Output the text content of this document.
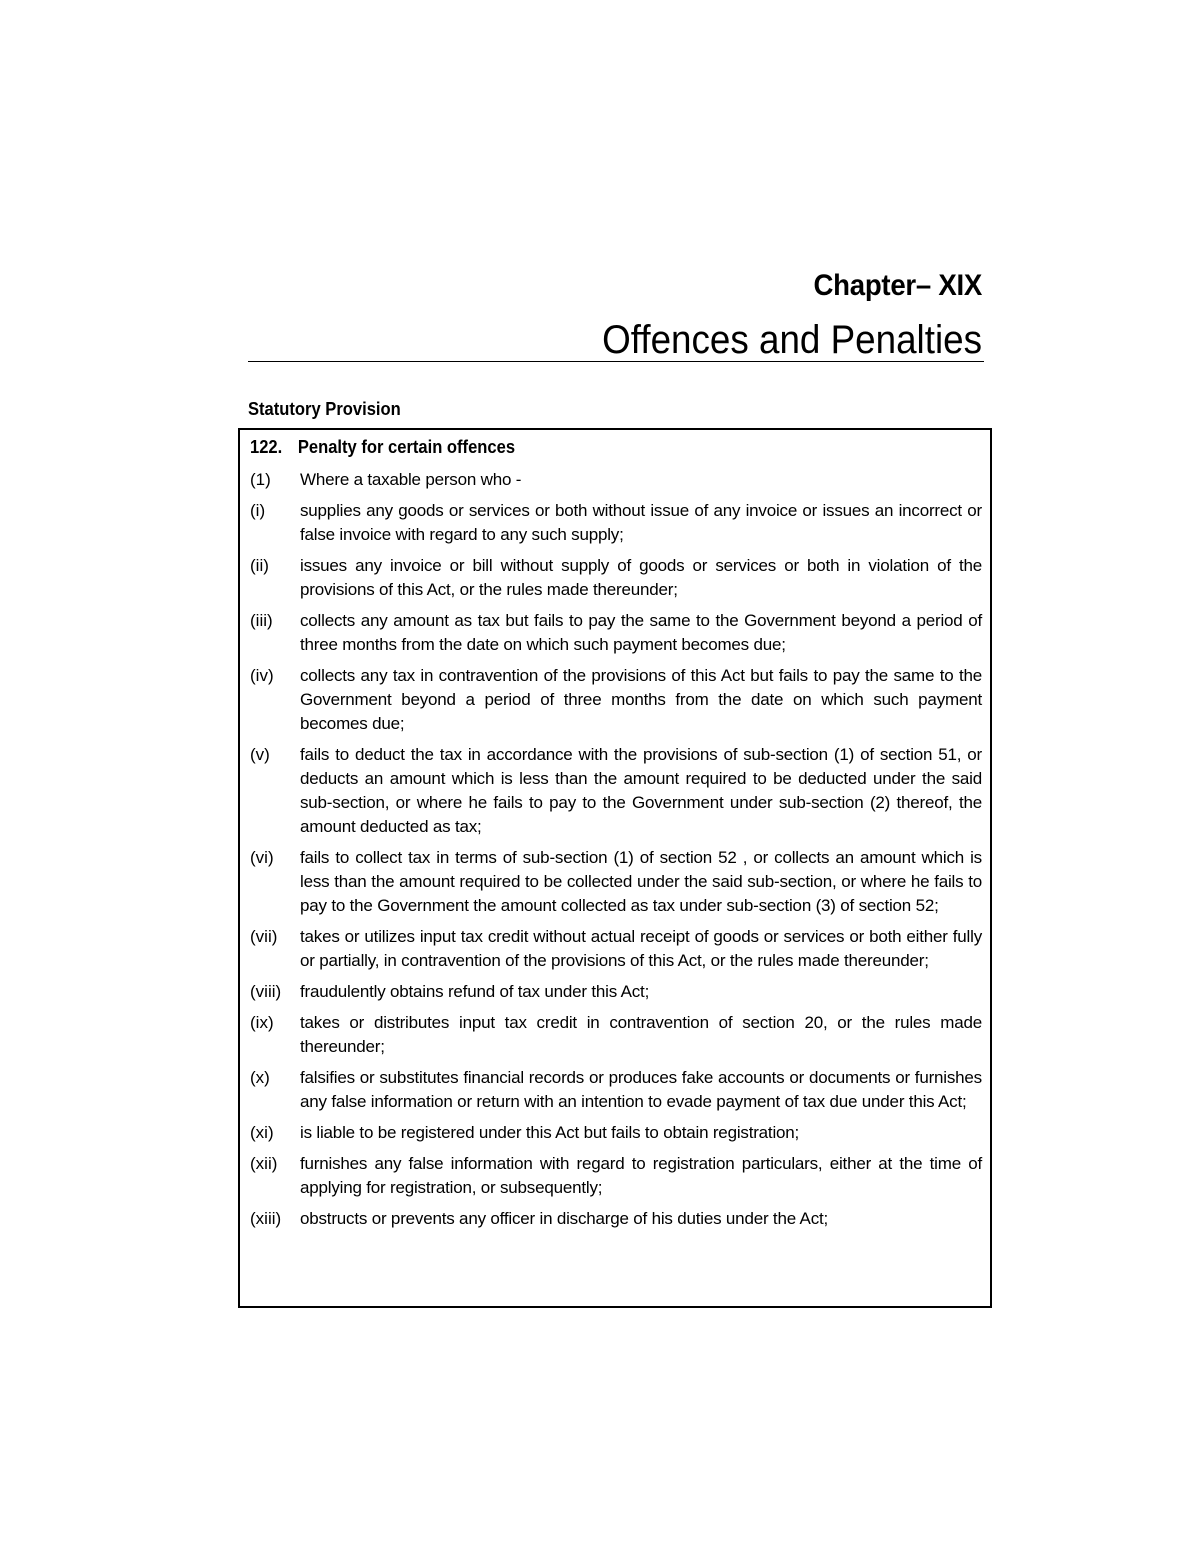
Chapter– XIX
Offences and Penalties
Statutory Provision
122. Penalty for certain offences
(1)	Where a taxable person who -
(i)	supplies any goods or services or both without issue of any invoice or issues an incorrect or false invoice with regard to any such supply;
(ii)	issues any invoice or bill without supply of goods or services or both in violation of the provisions of this Act, or the rules made thereunder;
(iii)	collects any amount as tax but fails to pay the same to the Government beyond a period of three months from the date on which such payment becomes due;
(iv)	collects any tax in contravention of the provisions of this Act but fails to pay the same to the Government beyond a period of three months from the date on which such payment becomes due;
(v)	fails to deduct the tax in accordance with the provisions of sub-section (1) of section 51, or deducts an amount which is less than the amount required to be deducted under the said sub-section, or where he fails to pay to the Government under sub-section (2) thereof, the amount deducted as tax;
(vi)	fails to collect tax in terms of sub-section (1) of section 52 , or collects an amount which is less than the amount required to be collected under the said sub-section, or where he fails to pay to the Government the amount collected as tax under sub-section (3) of section 52;
(vii)	takes or utilizes input tax credit without actual receipt of goods or services or both either fully or partially, in contravention of the provisions of this Act, or the rules made thereunder;
(viii)	fraudulently obtains refund of tax under this Act;
(ix)	takes or distributes input tax credit in contravention of section 20, or the rules made thereunder;
(x)	falsifies or substitutes financial records or produces fake accounts or documents or furnishes any false information or return with an intention to evade payment of tax due under this Act;
(xi)	is liable to be registered under this Act but fails to obtain registration;
(xii)	furnishes any false information with regard to registration particulars, either at the time of applying for registration, or subsequently;
(xiii)	obstructs or prevents any officer in discharge of his duties under the Act;
